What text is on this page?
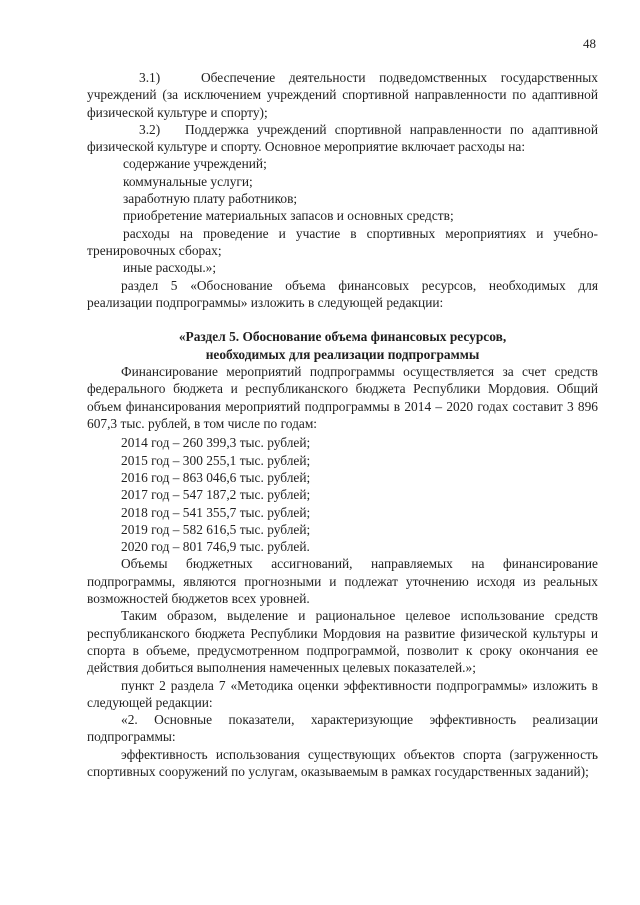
48

3.1)   Обеспечение деятельности подведомственных государственных учреждений (за исключением учреждений спортивной направленности по адаптивной физической культуре и спорту);

3.2)   Поддержка учреждений спортивной направленности по адаптивной физической культуре и спорту. Основное мероприятие включает расходы на:

содержание учреждений;
коммунальные услуги;
заработную плату работников;
приобретение материальных запасов и основных средств;
расходы на проведение и участие в спортивных мероприятиях и учебно-тренировочных сборах;
иные расходы.»;

раздел 5 «Обоснование объема финансовых ресурсов, необходимых для реализации подпрограммы» изложить в следующей редакции:

«Раздел 5. Обоснование объема финансовых ресурсов,
необходимых для реализации подпрограммы

Финансирование мероприятий подпрограммы осуществляется за счет средств федерального бюджета и республиканского бюджета Республики Мордовия. Общий объем финансирования мероприятий подпрограммы в 2014 – 2020 годах составит 3 896 607,3 тыс. рублей, в том числе по годам:

2014 год – 260 399,3 тыс. рублей;
2015 год – 300 255,1 тыс. рублей;
2016 год – 863 046,6 тыс. рублей;
2017 год – 547 187,2 тыс. рублей;
2018 год – 541 355,7 тыс. рублей;
2019 год – 582 616,5 тыс. рублей;
2020 год – 801 746,9 тыс. рублей.

Объемы бюджетных ассигнований, направляемых на финансирование подпрограммы, являются прогнозными и подлежат уточнению исходя из реальных возможностей бюджетов всех уровней.

Таким образом, выделение и рациональное целевое использование средств республиканского бюджета Республики Мордовия на развитие физической культуры и спорта в объеме, предусмотренном подпрограммой, позволит к сроку окончания ее действия добиться выполнения намеченных целевых показателей.»;

пункт 2 раздела 7 «Методика оценки эффективности подпрограммы» изложить в следующей редакции:

«2. Основные показатели, характеризующие эффективность реализации подпрограммы:

эффективность использования существующих объектов спорта (загруженность спортивных сооружений по услугам, оказываемым в рамках государственных заданий);
